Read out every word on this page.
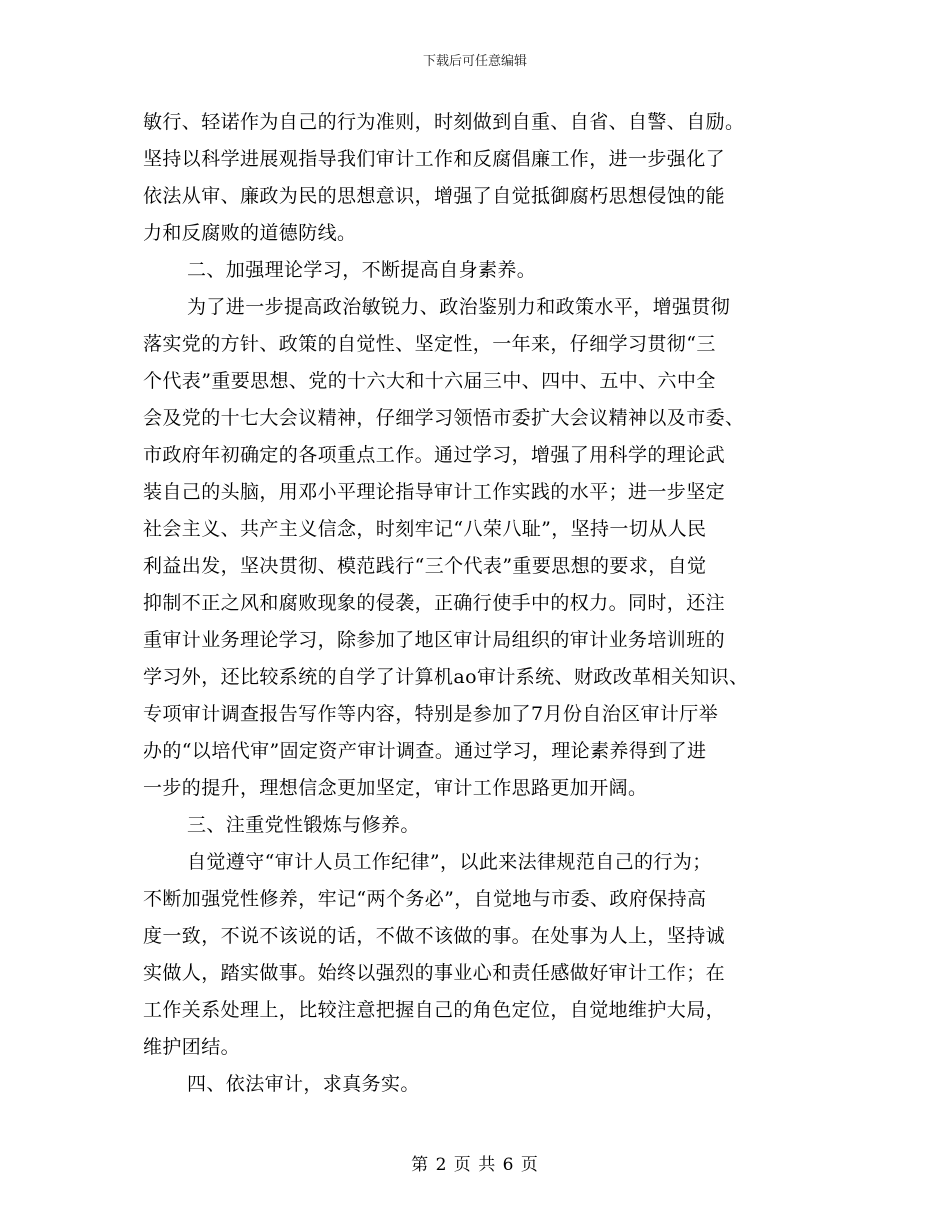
下载后可任意编辑
敏行、轻诺作为自己的行为准则，时刻做到自重、自省、自警、自励。
坚持以科学进展观指导我们审计工作和反腐倡廉工作，进一步强化了
依法从审、廉政为民的思想意识，增强了自觉抵御腐朽思想侵蚀的能
力和反腐败的道德防线。
二、加强理论学习，不断提高自身素养。
为了进一步提高政治敏锐力、政治鉴别力和政策水平，增强贯彻
落实党的方针、政策的自觉性、坚定性，一年来，仔细学习贯彻“三
个代表”重要思想、党的十六大和十六届三中、四中、五中、六中全
会及党的十七大会议精神，仔细学习领悟市委扩大会议精神以及市委、
市政府年初确定的各项重点工作。通过学习，增强了用科学的理论武
装自己的头脑，用邓小平理论指导审计工作实践的水平；进一步坚定
社会主义、共产主义信念，时刻牢记“八荣八耻”，坚持一切从人民
利益出发，坚决贯彻、模范践行“三个代表”重要思想的要求，自觉
抑制不正之风和腐败现象的侵袭，正确行使手中的权力。同时，还注
重审计业务理论学习，除参加了地区审计局组织的审计业务培训班的
学习外，还比较系统的自学了计算机ao审计系统、财政改革相关知识、
专项审计调查报告写作等内容，特别是参加了7月份自治区审计厅举
办的“以培代审”固定资产审计调查。通过学习，理论素养得到了进
一步的提升，理想信念更加坚定，审计工作思路更加开阔。
三、注重党性锻炼与修养。
自觉遵守“审计人员工作纪律”，以此来法律规范自己的行为；
不断加强党性修养，牢记“两个务必”，自觉地与市委、政府保持高
度一致，不说不该说的话，不做不该做的事。在处事为人上，坚持诚
实做人，踏实做事。始终以强烈的事业心和责任感做好审计工作；在
工作关系处理上，比较注意把握自己的角色定位，自觉地维护大局，
维护团结。
四、依法审计，求真务实。
第 2 页 共 6 页
